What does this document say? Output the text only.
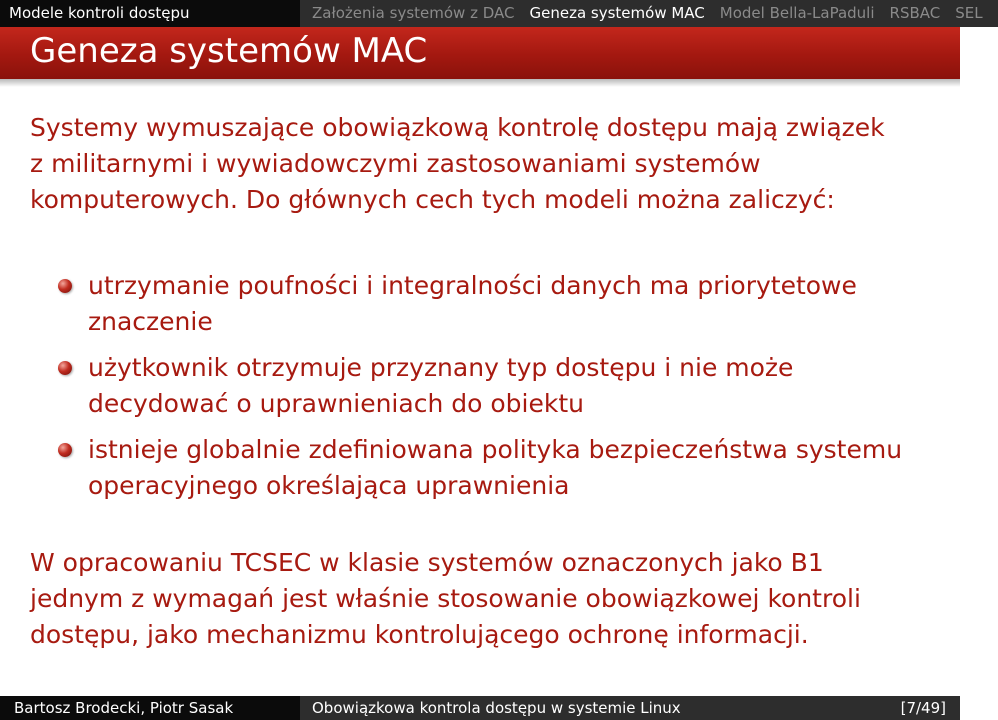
Modele kontroli dostępu	Założenia systemów z DAC Geneza systemów MAC Model Bella-LaPaduli RSBAC SEL
Geneza systemów MAC

Systemy wymuszające obowiązkową kontrolę dostępu mają związek z militarnymi i wywiadowczymi zastosowaniami systemów komputerowych. Do głównych cech tych modeli można zaliczyć:

utrzymanie poufności i integralności danych ma priorytetowe znaczenie
użytkownik otrzymuje przyznany typ dostępu i nie może decydować o uprawnieniach do obiektu
istnieje globalnie zdefiniowana polityka bezpieczeństwa systemu operacyjnego określająca uprawnienia

W opracowaniu TCSEC w klasie systemów oznaczonych jako B1 jednym z wymagań jest właśnie stosowanie obowiązkowej kontroli dostępu, jako mechanizmu kontrolującego ochronę informacji.

Bartosz Brodecki, Piotr Sasak	Obowiązkowa kontrola dostępu w systemie Linux	[7/49]
